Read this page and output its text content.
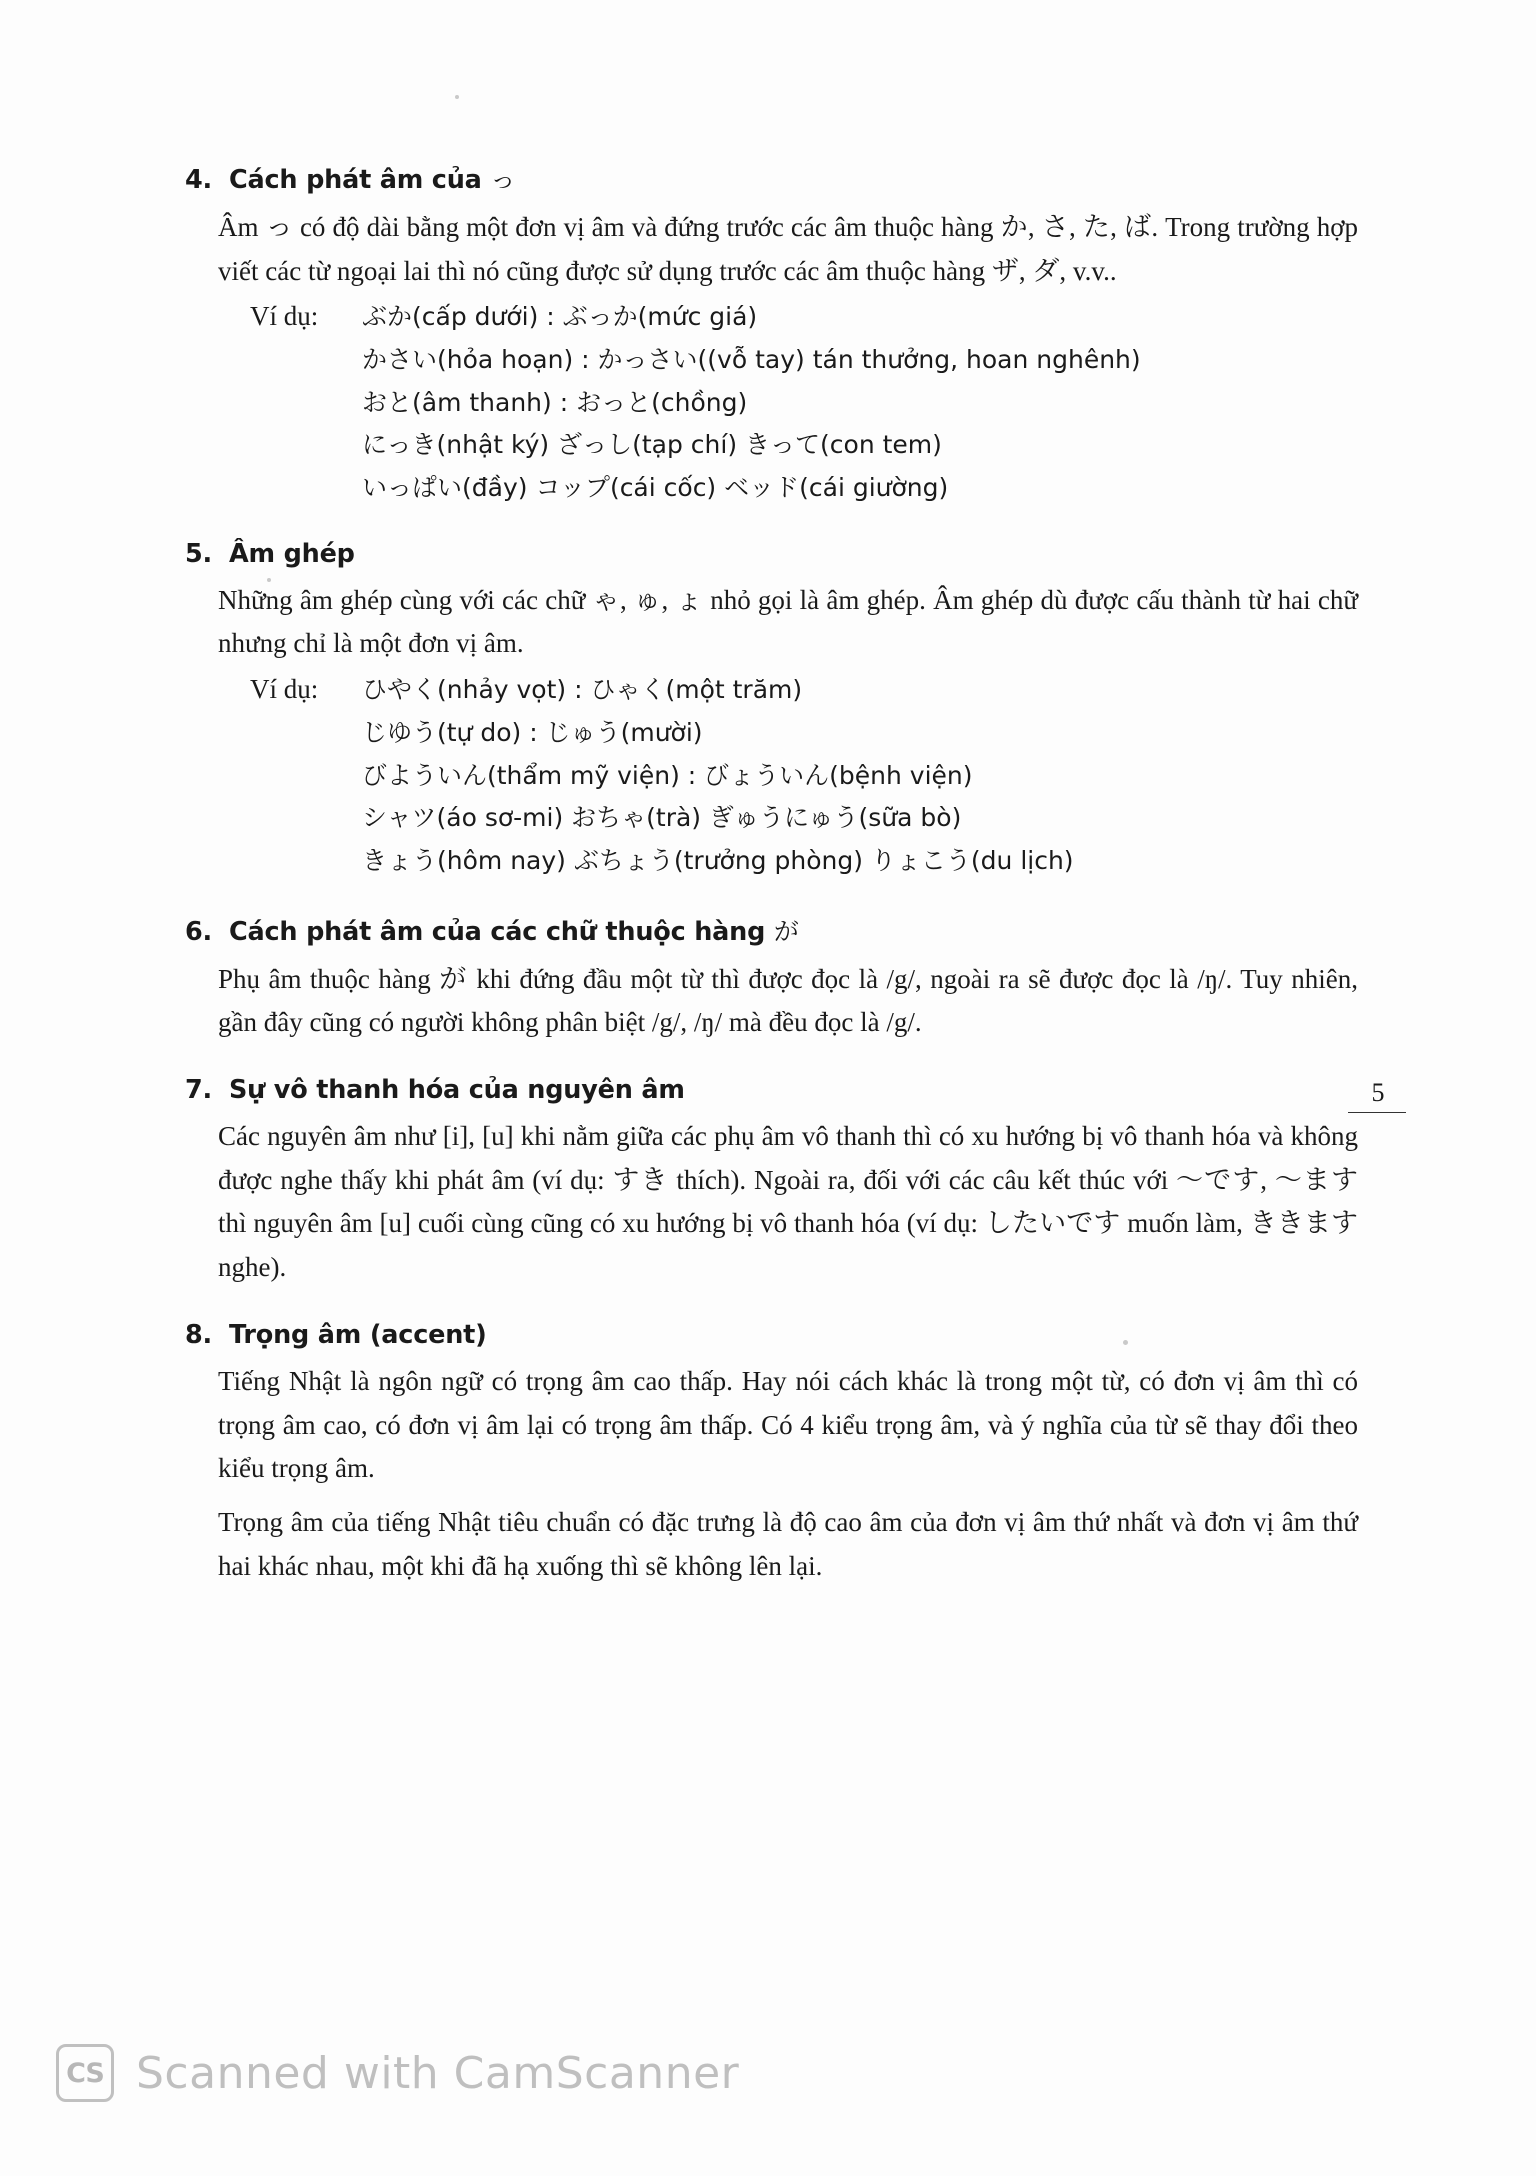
4. Cách phát âm của っ
Âm っ có độ dài bằng một đơn vị âm và đứng trước các âm thuộc hàng か, さ, た, ば. Trong trường hợp viết các từ ngoại lai thì nó cũng được sử dụng trước các âm thuộc hàng ザ, ダ, v.v..
Ví dụ: ぶか(cấp dưới) : ぶっか(mức giá)
かさい(hỏa hoạn) : かっさい((vỗ tay) tán thưởng, hoan nghênh)
おと(âm thanh) : おっと(chồng)
にっき(nhật ký) ざっし(tạp chí) きって(con tem)
いっぱい(đầy) コップ(cái cốc) ベッド(cái giường)
5. Âm ghép
Những âm ghép cùng với các chữ ゃ, ゅ, ょ nhỏ gọi là âm ghép. Âm ghép dù được cấu thành từ hai chữ nhưng chỉ là một đơn vị âm.
Ví dụ: ひやく(nhảy vọt) : ひゃく(một trăm)
じゆう(tự do) : じゅう(mười)
びよういん(thẩm mỹ viện) : びょういん(bệnh viện)
シャツ(áo sơ-mi) おちゃ(trà) ぎゅうにゅう(sữa bò)
きょう(hôm nay) ぶちょう(trưởng phòng) りょこう(du lịch)
6. Cách phát âm của các chữ thuộc hàng が
Phụ âm thuộc hàng が khi đứng đầu một từ thì được đọc là /g/, ngoài ra sẽ được đọc là /ŋ/. Tuy nhiên, gần đây cũng có người không phân biệt /g/, /ŋ/ mà đều đọc là /g/.
7. Sự vô thanh hóa của nguyên âm
Các nguyên âm như [i], [u] khi nằm giữa các phụ âm vô thanh thì có xu hướng bị vô thanh hóa và không được nghe thấy khi phát âm (ví dụ: すき thích). Ngoài ra, đối với các câu kết thúc với ～です, ～ます thì nguyên âm [u] cuối cùng cũng có xu hướng bị vô thanh hóa (ví dụ: したいです muốn làm, ききます nghe).
8. Trọng âm (accent)
Tiếng Nhật là ngôn ngữ có trọng âm cao thấp. Hay nói cách khác là trong một từ, có đơn vị âm thì có trọng âm cao, có đơn vị âm lại có trọng âm thấp. Có 4 kiểu trọng âm, và ý nghĩa của từ sẽ thay đổi theo kiểu trọng âm.
Trọng âm của tiếng Nhật tiêu chuẩn có đặc trưng là độ cao âm của đơn vị âm thứ nhất và đơn vị âm thứ hai khác nhau, một khi đã hạ xuống thì sẽ không lên lại.
5
CS Scanned with CamScanner
